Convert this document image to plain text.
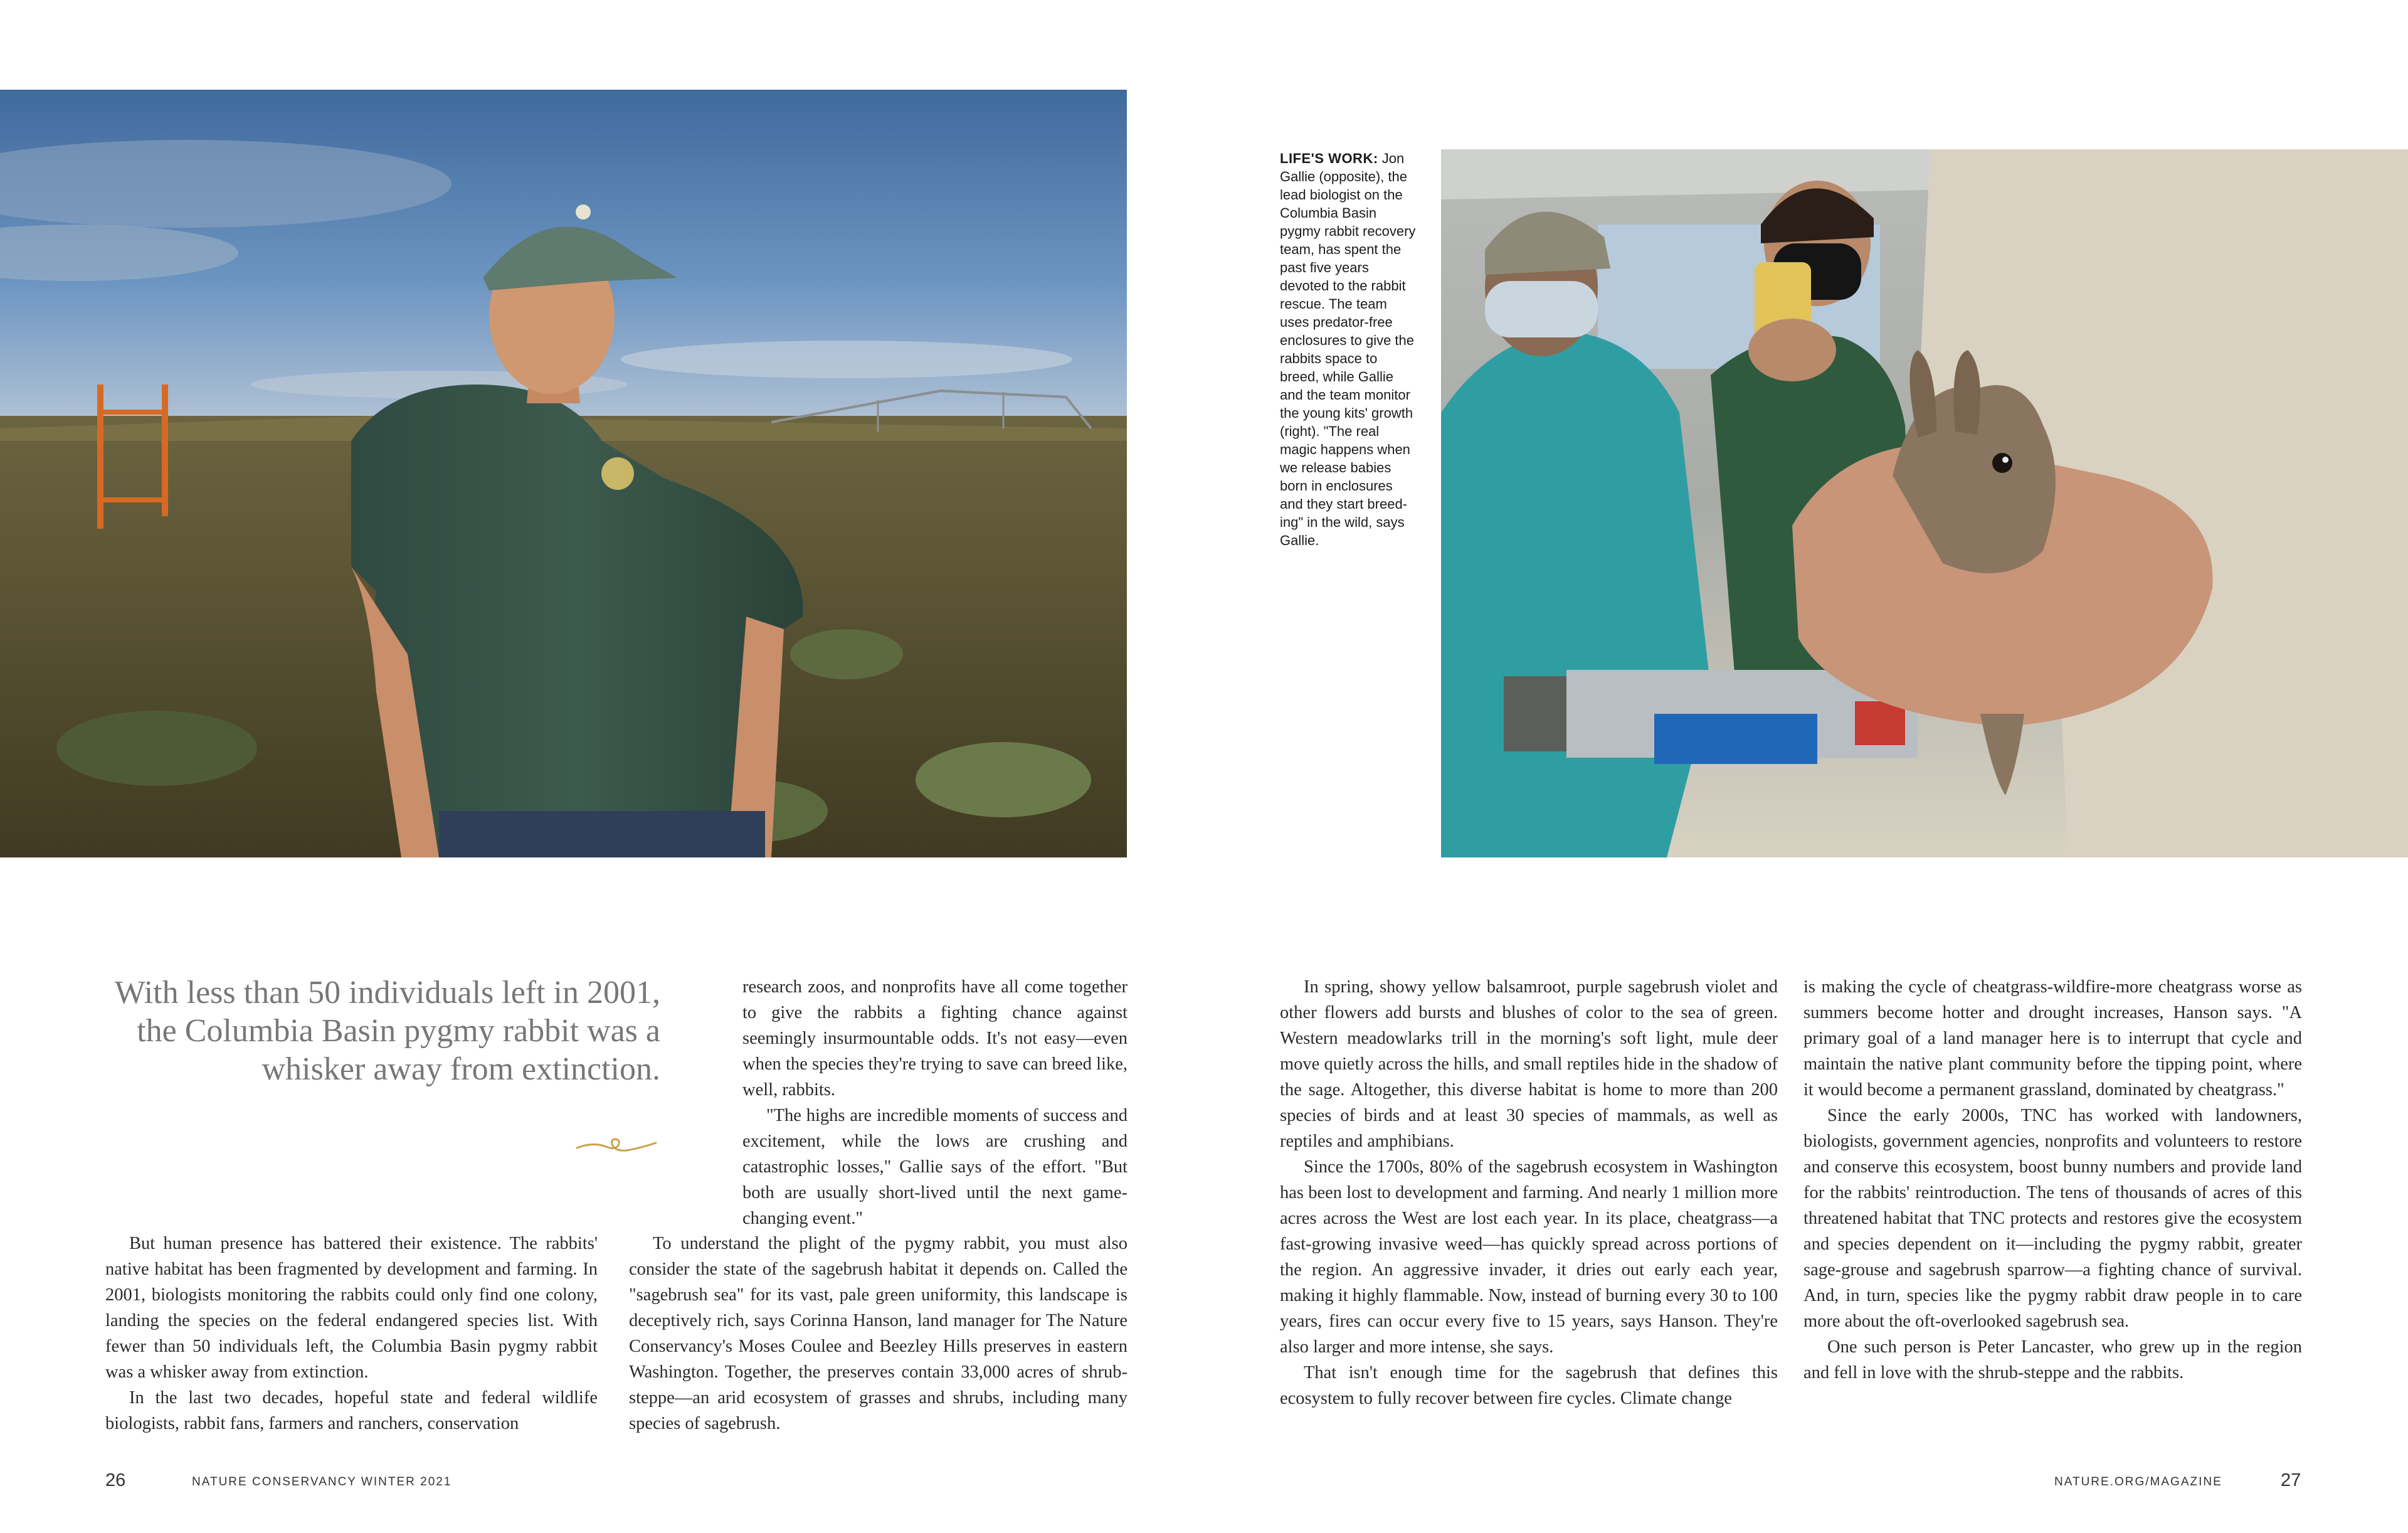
LIFE'S WORK: Jon Gallie (opposite), the lead biologist on the Columbia Basin pygmy rabbit recovery team, has spent the past five years devoted to the rabbit rescue. The team uses predator-free enclosures to give the rabbits space to breed, while Gallie and the team monitor the young kits' growth (right). "The real magic happens when we release babies born in enclosures and they start breed-ing" in the wild, says Gallie.
With less than 50 individuals left in 2001, the Columbia Basin pygmy rabbit was a whisker away from extinction.

research zoos, and nonprofits have all come together to give the rabbits a fighting chance against seemingly insurmountable odds. It's not easy—even when the species they're trying to save can breed like, well, rabbits.

"The highs are incredible moments of success and excitement, while the lows are crushing and catastrophic losses," Gallie says of the effort. "But both are usually short-lived until the next game-changing event."

But human presence has battered their existence. The rabbits' native habitat has been fragmented by development and farming. In 2001, biologists monitoring the rabbits could only find one colony, landing the species on the federal endangered species list. With fewer than 50 individuals left, the Columbia Basin pygmy rabbit was a whisker away from extinction.

In the last two decades, hopeful state and federal wildlife biologists, rabbit fans, farmers and ranchers, conservation

To understand the plight of the pygmy rabbit, you must also consider the state of the sagebrush habitat it depends on. Called the "sagebrush sea" for its vast, pale green uniformity, this landscape is deceptively rich, says Corinna Hanson, land manager for The Nature Conservancy's Moses Coulee and Beezley Hills preserves in eastern Washington. Together, the preserves contain 33,000 acres of shrub-steppe—an arid ecosystem of grasses and shrubs, including many species of sagebrush.

In spring, showy yellow balsamroot, purple sagebrush violet and other flowers add bursts and blushes of color to the sea of green. Western meadowlarks trill in the morning's soft light, mule deer move quietly across the hills, and small reptiles hide in the shadow of the sage. Altogether, this diverse habitat is home to more than 200 species of birds and at least 30 species of mammals, as well as reptiles and amphibians.

Since the 1700s, 80% of the sagebrush ecosystem in Washington has been lost to development and farming. And nearly 1 million more acres across the West are lost each year. In its place, cheatgrass—a fast-growing invasive weed—has quickly spread across portions of the region. An aggressive invader, it dries out early each year, making it highly flammable. Now, instead of burning every 30 to 100 years, fires can occur every five to 15 years, says Hanson. They're also larger and more intense, she says.

That isn't enough time for the sagebrush that defines this ecosystem to fully recover between fire cycles. Climate change

is making the cycle of cheatgrass-wildfire-more cheatgrass worse as summers become hotter and drought increases, Hanson says. "A primary goal of a land manager here is to interrupt that cycle and maintain the native plant community before the tipping point, where it would become a permanent grassland, dominated by cheatgrass."

Since the early 2000s, TNC has worked with landowners, biologists, government agencies, nonprofits and volunteers to restore and conserve this ecosystem, boost bunny numbers and provide land for the rabbits' reintroduction. The tens of thousands of acres of this threatened habitat that TNC protects and restores give the ecosystem and species dependent on it—including the pygmy rabbit, greater sage-grouse and sagebrush sparrow—a fighting chance of survival. And, in turn, species like the pygmy rabbit draw people in to care more about the oft-overlooked sagebrush sea.

One such person is Peter Lancaster, who grew up in the region and fell in love with the shrub-steppe and the rabbits.

26	NATURE CONSERVANCY WINTER 2021	NATURE.ORG/MAGAZINE	27
